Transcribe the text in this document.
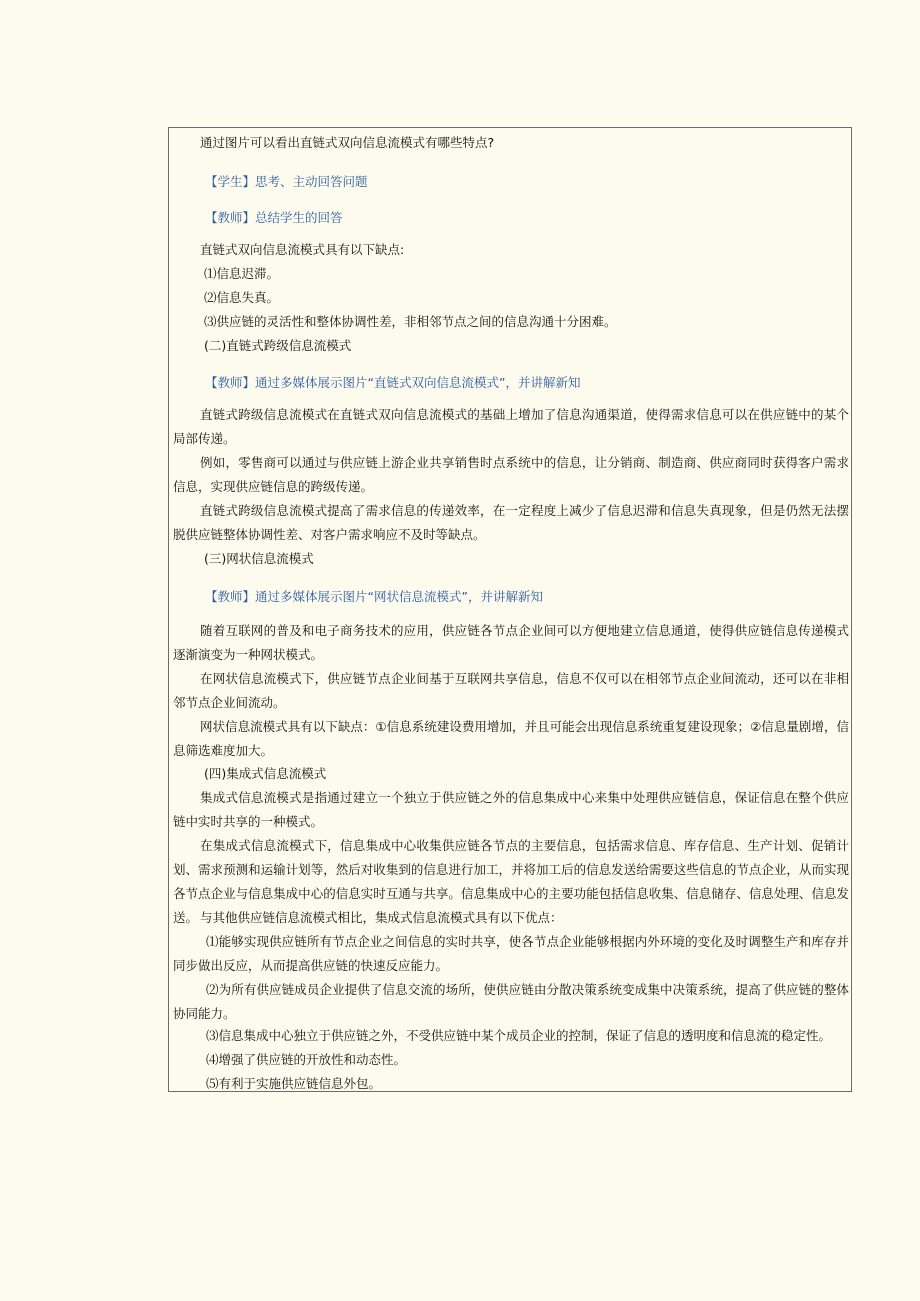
通过图片可以看出直链式双向信息流模式有哪些特点?
【学生】思考、主动回答问题
【教师】总结学生的回答
直链式双向信息流模式具有以下缺点:
⑴信息迟滞。
⑵信息失真。
⑶供应链的灵活性和整体协调性差，非相邻节点之间的信息沟通十分困难。
(二)直链式跨级信息流模式
【教师】通过多媒体展示图片“直链式双向信息流模式”，并讲解新知
直链式跨级信息流模式在直链式双向信息流模式的基础上增加了信息沟通渠道，使得需求信息可以在供应链中的某个局部传递。
例如，零售商可以通过与供应链上游企业共享销售时点系统中的信息，让分销商、制造商、供应商同时获得客户需求信息，实现供应链信息的跨级传递。
直链式跨级信息流模式提高了需求信息的传递效率，在一定程度上减少了信息迟滞和信息失真现象，但是仍然无法摆脱供应链整体协调性差、对客户需求响应不及时等缺点。
(三)网状信息流模式
【教师】通过多媒体展示图片“网状信息流模式”，并讲解新知
随着互联网的普及和电子商务技术的应用，供应链各节点企业间可以方便地建立信息通道，使得供应链信息传递模式逐渐演变为一种网状模式。
在网状信息流模式下，供应链节点企业间基于互联网共享信息，信息不仅可以在相邻节点企业间流动，还可以在非相邻节点企业间流动。
网状信息流模式具有以下缺点：①信息系统建设费用增加，并且可能会出现信息系统重复建设现象；②信息量剧增，信息筛选难度加大。
(四)集成式信息流模式
集成式信息流模式是指通过建立一个独立于供应链之外的信息集成中心来集中处理供应链信息，保证信息在整个供应链中实时共享的一种模式。
在集成式信息流模式下，信息集成中心收集供应链各节点的主要信息，包括需求信息、库存信息、生产计划、促销计划、需求预测和运输计划等，然后对收集到的信息进行加工，并将加工后的信息发送给需要这些信息的节点企业，从而实现各节点企业与信息集成中心的信息实时互通与共享。信息集成中心的主要功能包括信息收集、信息储存、信息处理、信息发送。 与其他供应链信息流模式相比，集成式信息流模式具有以下优点：
⑴能够实现供应链所有节点企业之间信息的实时共享，使各节点企业能够根据内外环境的变化及时调整生产和库存并同步做出反应，从而提高供应链的快速反应能力。
⑵为所有供应链成员企业提供了信息交流的场所，使供应链由分散决策系统变成集中决策系统，提高了供应链的整体协同能力。
⑶信息集成中心独立于供应链之外，不受供应链中某个成员企业的控制，保证了信息的透明度和信息流的稳定性。
⑷增强了供应链的开放性和动态性。
⑸有利于实施供应链信息外包。
